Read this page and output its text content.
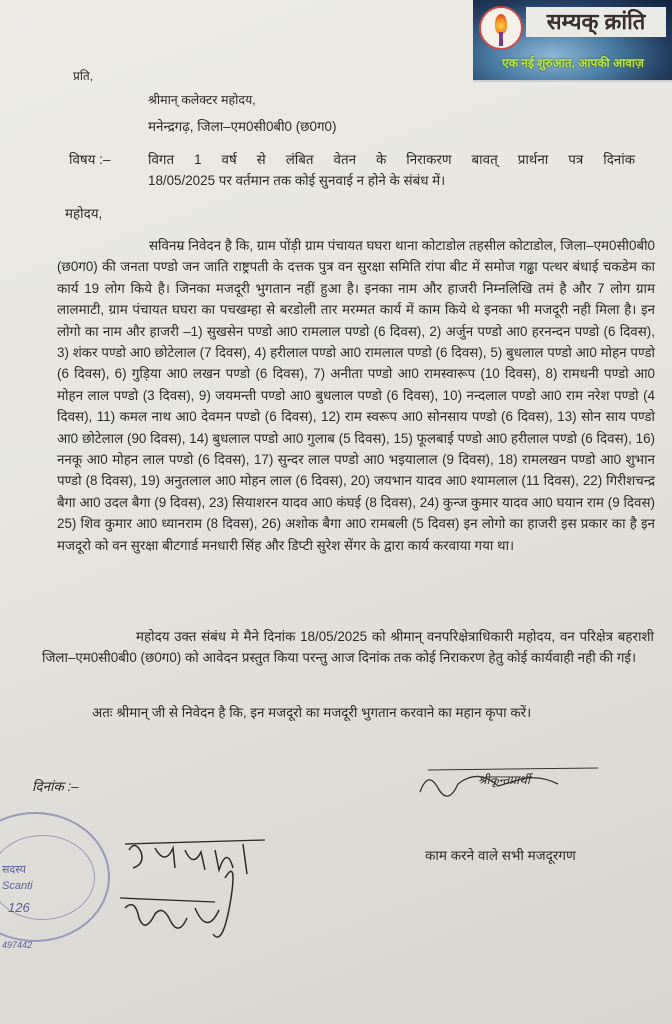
सम्यक् क्रांति
एक नई शुरुआत, आपकी आवाज़
प्रति,
श्रीमान् कलेक्टर महोदय,
मनेन्द्रगढ़, जिला–एम0सी0बी0 (छ0ग0)
विषय :–	विगत 1 वर्ष से लंबित वेतन के निराकरण बावत् प्रार्थना पत्र दिनांक
18/05/2025 पर वर्तमान तक कोई सुनवाई न होने के संबंध में।
महोदय,
सविनम्र निवेदन है कि, ग्राम पोंड़ी ग्राम पंचायत घघरा थाना कोटाडोल तहसील कोटाडोल, जिला–एम0सी0बी0 (छ0ग0) की जनता पण्डो जन जाति राष्ट्रपती के दत्तक पुत्र वन सुरक्षा समिति रांपा बीट में समोज गढ्ढा पत्थर बंधाई चकडेम का कार्य 19 लोग किये है। जिनका मजदूरी भुगतान नहीं हुआ है। इनका नाम और हाजरी निम्नलिखि तमं है और 7 लोग ग्राम लालमाटी, ग्राम पंचायत घघरा का पचखम्हा से बरडोली तार मरम्मत कार्य में काम किये थे इनका भी मजदूरी नही मिला है। इन लोगो का नाम और हाजरी –1) सुखसेन पण्डो आ0 रामलाल पण्डो (6 दिवस), 2) अर्जुन पण्डो आ0 हरनन्दन पण्डो (6 दिवस), 3) शंकर पण्डो आ0 छोटेलाल (7 दिवस), 4) हरीलाल पण्डो आ0 रामलाल पण्डो (6 दिवस), 5) बुधलाल पण्डो आ0 मोहन पण्डो (6 दिवस), 6) गुड़िया आ0 लखन पण्डो (6 दिवस), 7) अनीता पण्डो आ0 रामस्वारूप (10 दिवस), 8) रामधनी पण्डो आ0 मोहन लाल पण्डो (3 दिवस), 9) जयमन्ती पण्डो आ0 बुधलाल पण्डो (6 दिवस), 10) नन्दलाल पण्डो आ0 राम नरेश पण्डो (4 दिवस), 11) कमल नाथ आ0 देवमन पण्डो (6 दिवस), 12) राम स्वरूप आ0 सोनसाय पण्डो (6 दिवस), 13) सोन साय पण्डो आ0 छोटेलाल (90 दिवस), 14) बुधलाल पण्डो आ0 गुलाब (5 दिवस), 15) फूलबाई पण्डो आ0 हरीलाल पण्डो (6 दिवस), 16) ननकू आ0 मोहन लाल पण्डो (6 दिवस), 17) सुन्दर लाल पण्डो आ0 भइयालाल (9 दिवस), 18) रामलखन पण्डो आ0 शुभान पण्डो (8 दिवस), 19) अनुतलाल आ0 मोहन लाल (6 दिवस), 20) जयभान यादव आ0 श्यामलाल (11 दिवस), 22) गिरीशचन्द्र बैगा आ0 उदल बैगा (9 दिवस), 23) सियाशरन यादव आ0 कंघई (8 दिवस), 24) कुन्ज कुमार यादव आ0 घयान राम (9 दिवस) 25) शिव कुमार आ0 ध्यानराम (8 दिवस), 26) अशोक बैगा आ0 रामबली (5 दिवस) इन लोगो का हाजरी इस प्रकार का है इन मजदूरो को वन सुरक्षा बीटगार्ड मनधारी सिंह और डिप्टी सुरेश सेंगर के द्वारा कार्य करवाया गया था।
महोदय उक्त संबंध मे मैने दिनांक 18/05/2025 को श्रीमान् वनपरिक्षेत्राधिकारी महोदय, वन परिक्षेत्र बहराशी जिला–एम0सी0बी0 (छ0ग0) को आवेदन प्रस्तुत किया परन्तु आज दिनांक तक कोई निराकरण हेतु कोई कार्यवाही नही की गई।
अतः श्रीमान् जी से निवेदन है कि, इन मजदूरो का मजदूरी भुगतान करवाने का महान कृपा करें।
दिनांक :–	श्रीकृन्तप्रार्थी
काम करने वाले सभी मजदूरगण
सदस्य
Scanti
126
497442
